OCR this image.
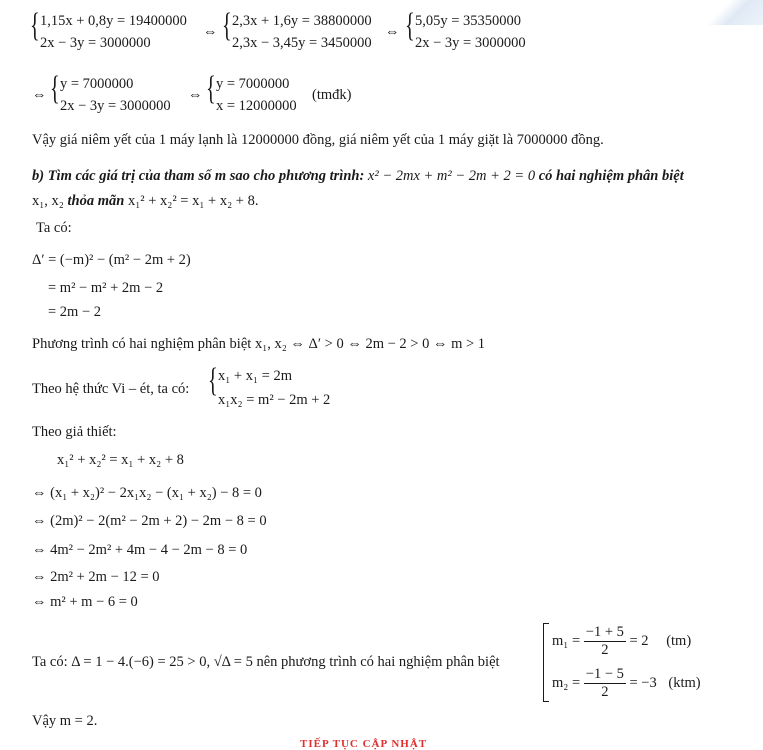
{ 1,15x + 0,8y = 19400000
2x − 3y = 3000000
⇔ { 2,3x + 1,6y = 38800000
2,3x − 3,45y = 3450000
⇔ { 5,05y = 35350000
2x − 3y = 3000000
⇔ { y = 7000000
2x − 3y = 3000000
⇔ { y = 7000000
x = 12000000
(tmđk)
Vậy giá niêm yết của 1 máy lạnh là 12000000 đồng, giá niêm yết của 1 máy giặt là 7000000 đồng.
b) Tìm các giá trị của tham số m sao cho phương trình: x² − 2mx + m² − 2m + 2 = 0 có hai nghiệm phân biệt
x₁, x₂ thỏa mãn x₁² + x₂² = x₁ + x₂ + 8.
Ta có:
Δ′ = (−m)² − (m² − 2m + 2)
= m² − m² + 2m − 2
= 2m − 2
Phương trình có hai nghiệm phân biệt x₁, x₂ ⇔ Δ′ > 0 ⇔ 2m − 2 > 0 ⇔ m > 1
Theo hệ thức Vi – ét, ta có: { x₁ + x₁ = 2m
x₁x₂ = m² − 2m + 2
Theo giả thiết:
x₁² + x₂² = x₁ + x₂ + 8
⇔ (x₁ + x₂)² − 2x₁x₂ − (x₁ + x₂) − 8 = 0
⇔ (2m)² − 2(m² − 2m + 2) − 2m − 8 = 0
⇔ 4m² − 2m² + 4m − 4 − 2m − 8 = 0
⇔ 2m² + 2m − 12 = 0
⇔ m² + m − 6 = 0
Ta có: Δ = 1 − 4.(−6) = 25 > 0, √Δ = 5 nên phương trình có hai nghiệm phân biệt
$m_1 = \frac{-1 + 5}{2} = 2$ (tm)
$m_2 = \frac{-1 - 5}{2} = -3$ (ktm)
Vậy m = 2.
TIẾP TỤC CẬP NHẬT
